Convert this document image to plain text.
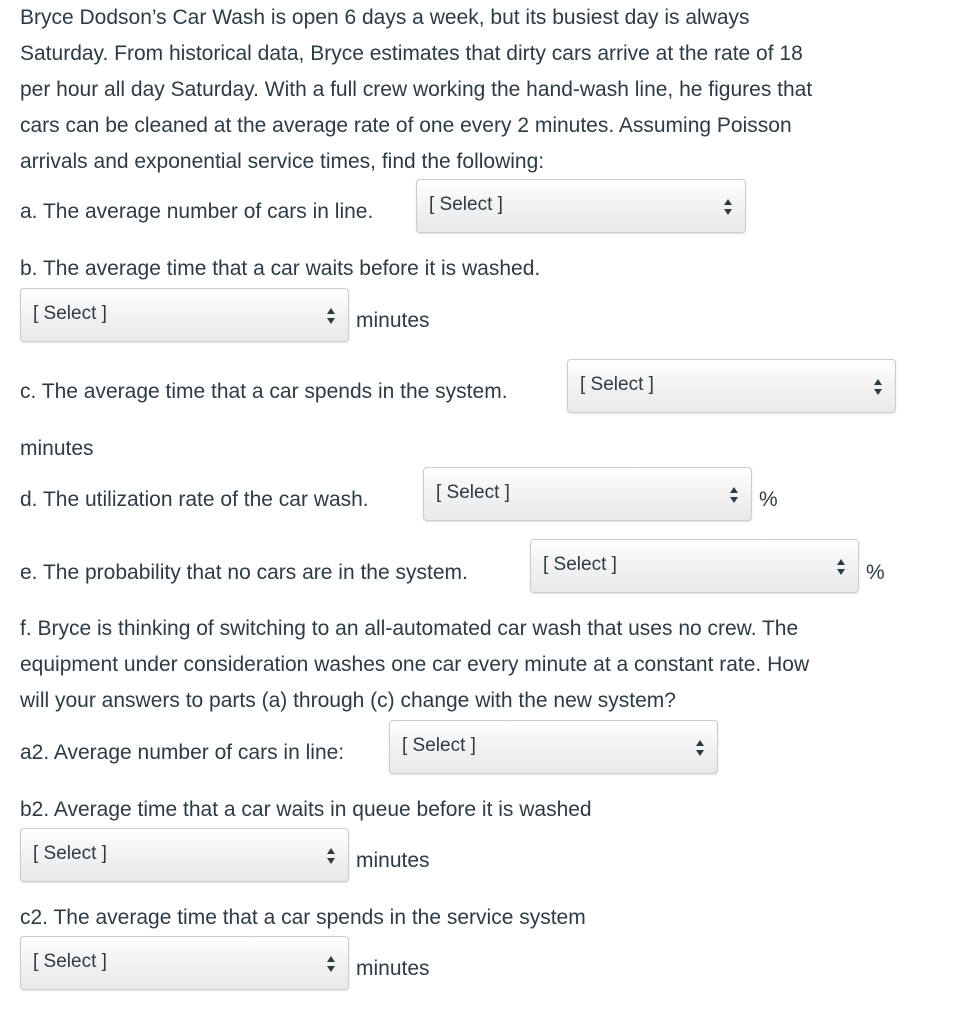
Bryce Dodson’s Car Wash is open 6 days a week, but its busiest day is always
Saturday. From historical data, Bryce estimates that dirty cars arrive at the rate of 18
per hour all day Saturday. With a full crew working the hand-wash line, he figures that
cars can be cleaned at the average rate of one every 2 minutes. Assuming Poisson
arrivals and exponential service times, find the following:
a. The average number of cars in line.	[ Select ]
b. The average time that a car waits before it is washed.
[ Select ]	minutes
c. The average time that a car spends in the system.	[ Select ]
minutes
d. The utilization rate of the car wash.	[ Select ]	%
e. The probability that no cars are in the system.	[ Select ]	%
f. Bryce is thinking of switching to an all-automated car wash that uses no crew. The
equipment under consideration washes one car every minute at a constant rate. How
will your answers to parts (a) through (c) change with the new system?
a2. Average number of cars in line:	[ Select ]
b2. Average time that a car waits in queue before it is washed
[ Select ]	minutes
c2. The average time that a car spends in the service system
[ Select ]	minutes
